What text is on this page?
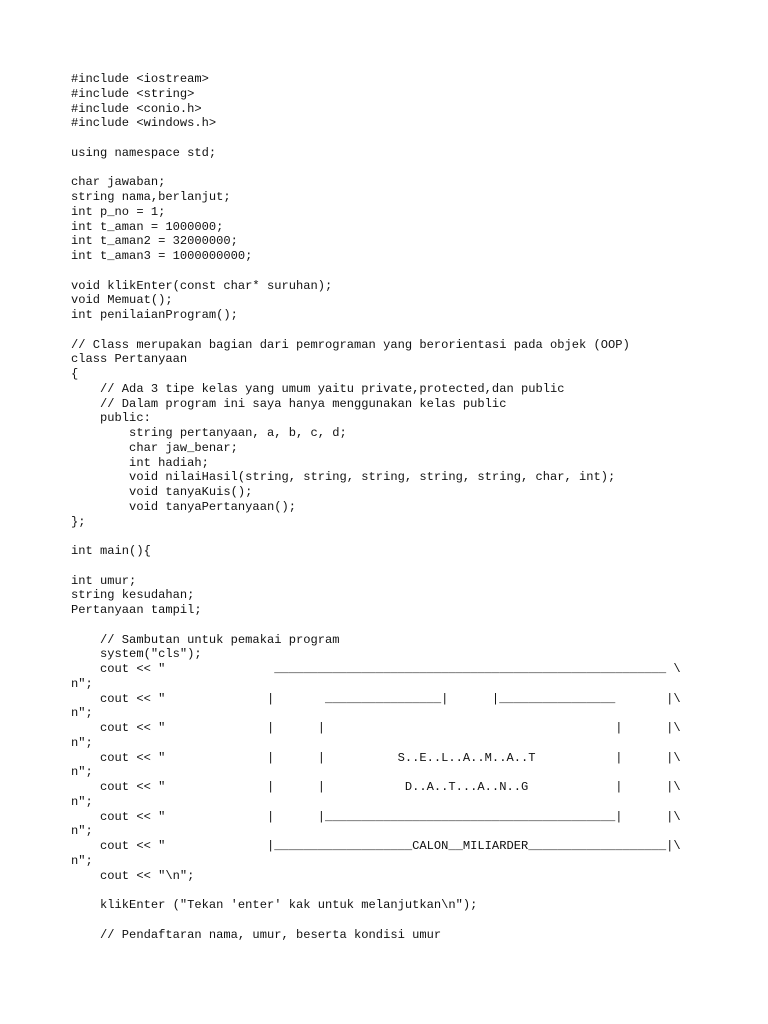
#include <iostream>
#include <string>
#include <conio.h>
#include <windows.h>
using namespace std;
char jawaban;
string nama,berlanjut;
int p_no = 1;
int t_aman = 1000000;
int t_aman2 = 32000000;
int t_aman3 = 1000000000;
void klikEnter(const char* suruhan);
void Memuat();
int penilaianProgram();
// Class merupakan bagian dari pemrograman yang berorientasi pada objek (OOP)
class Pertanyaan
{
// Ada 3 tipe kelas yang umum yaitu private,protected,dan public
// Dalam program ini saya hanya menggunakan kelas public
public:
string pertanyaan, a, b, c, d;
char jaw_benar;
int hadiah;
void nilaiHasil(string, string, string, string, string, char, int);
void tanyaKuis();
void tanyaPertanyaan();
};
int main(){
int umur;
string kesudahan;
Pertanyaan tampil;
// Sambutan untuk pemakai program
system("cls");
cout << "               ______________________________________________________ \
n";
cout << "              |       ________________|      |________________       |\
n";
cout << "              |      |                                        |      |\
n";
cout << "              |      |          S..E..L..A..M..A..T           |      |\
n";
cout << "              |      |           D..A..T...A..N..G            |      |\
n";
cout << "              |      |________________________________________|      |\
n";
cout << "              |___________________CALON__MILIARDER___________________|\
n";
cout << "\n";
klikEnter ("Tekan 'enter' kak untuk melanjutkan\n");
// Pendaftaran nama, umur, beserta kondisi umur
